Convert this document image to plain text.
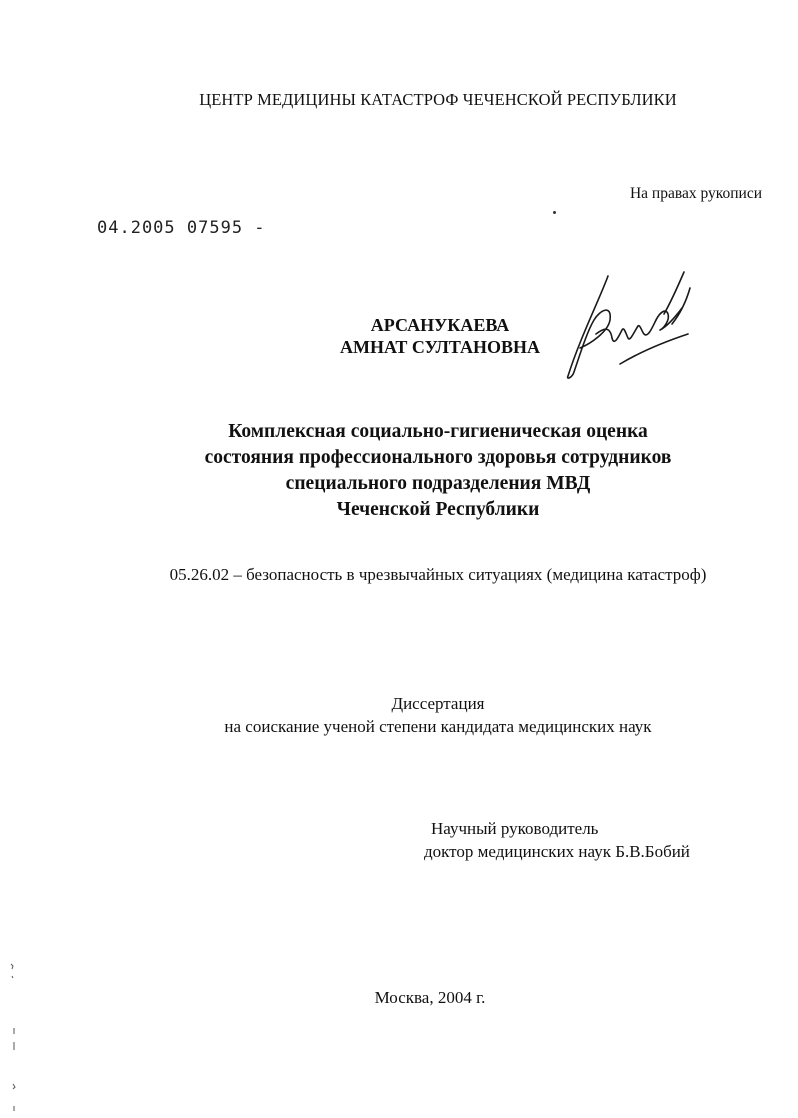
ЦЕНТР МЕДИЦИНЫ КАТАСТРОФ ЧЕЧЕНСКОЙ РЕСПУБЛИКИ
На правах рукописи
04.2005 07595 -
АРСАНУКАЕВА
АМНАТ СУЛТАНОВНА
Комплексная социально-гигиеническая оценка
состояния профессионального здоровья сотрудников
специального подразделения МВД
Чеченской Республики
05.26.02 – безопасность в чрезвычайных ситуациях (медицина катастроф)
Диссертация
на соискание ученой степени кандидата медицинских наук
Научный руководитель
доктор медицинских наук Б.В.Бобий
Москва, 2004 г.
